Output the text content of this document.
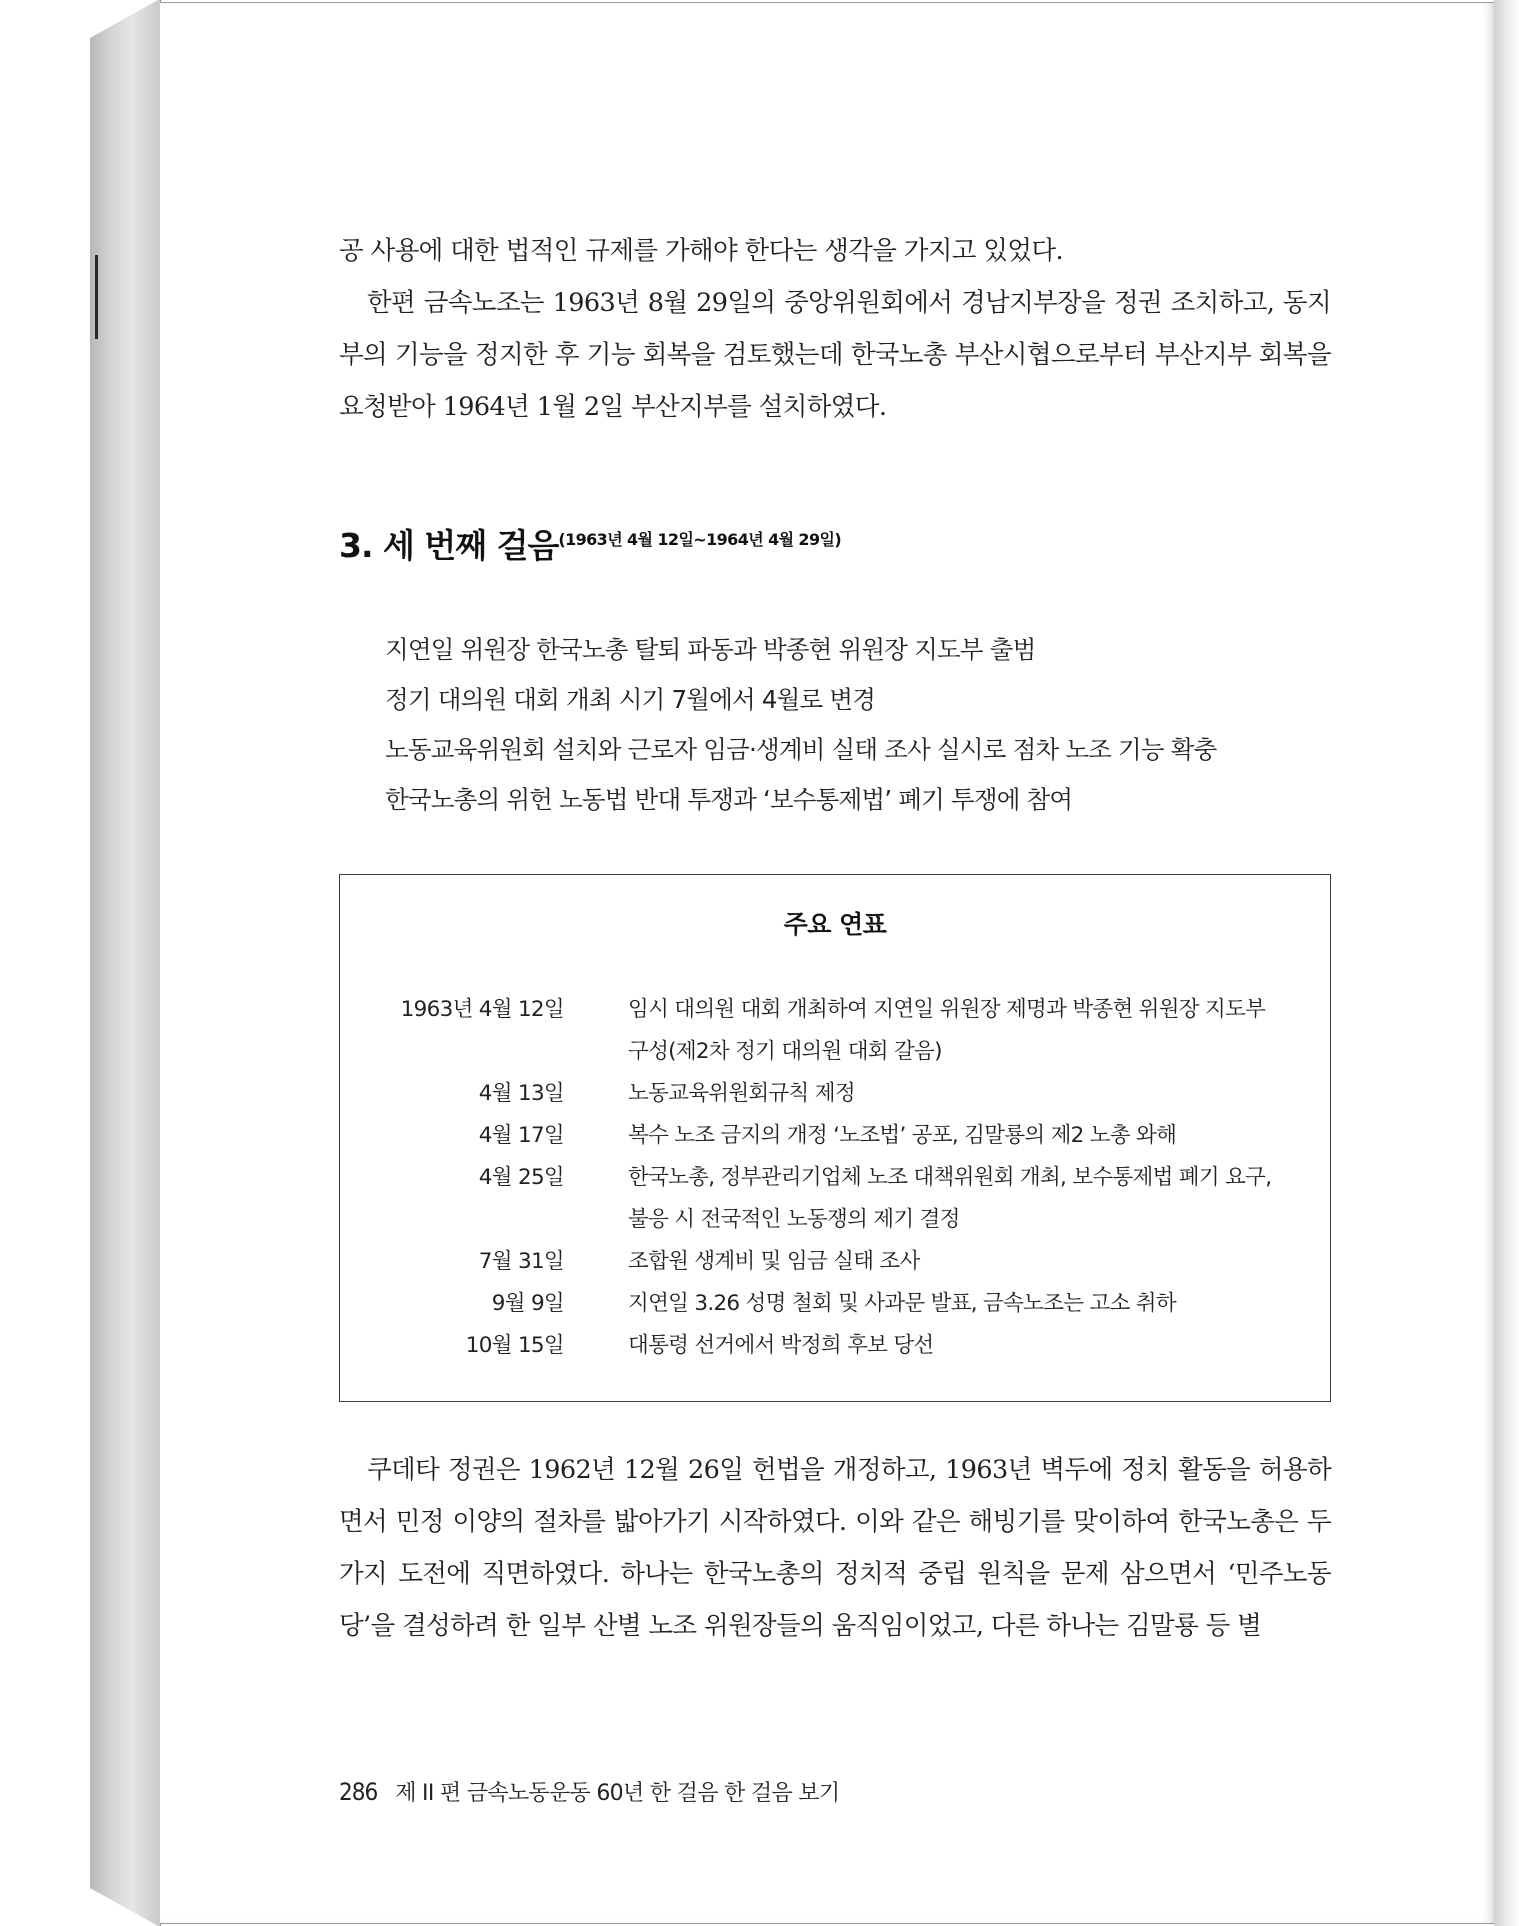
공 사용에 대한 법적인 규제를 가해야 한다는 생각을 가지고 있었다.

한편 금속노조는 1963년 8월 29일의 중앙위원회에서 경남지부장을 정권 조치하고, 동지부의 기능을 정지한 후 기능 회복을 검토했는데 한국노총 부산시협으로부터 부산지부 회복을 요청받아 1964년 1월 2일 부산지부를 설치하였다.

3. 세 번째 걸음$^{(1963년 4월 12일\sim 1964년 4월 29일)}$
지연일 위원장 한국노총 탈퇴 파동과 박종현 위원장 지도부 출범
정기 대의원 대회 개최 시기 7월에서 4월로 변경
노동교육위원회 설치와 근로자 임금·생계비 실태 조사 실시로 점차 노조 기능 확충
한국노총의 위헌 노동법 반대 투쟁과 ‘보수통제법’ 폐기 투쟁에 참여
주요 연표
1963년 4월 12일	임시 대의원 대회 개최하여 지연일 위원장 제명과 박종현 위원장 지도부 구성(제2차 정기 대의원 대회 갈음)
4월 13일	노동교육위원회규칙 제정
4월 17일	복수 노조 금지의 개정 ‘노조법’ 공포, 김말룡의 제2 노총 와해
4월 25일	한국노총, 정부관리기업체 노조 대책위원회 개최, 보수통제법 폐기 요구, 불응 시 전국적인 노동쟁의 제기 결정
7월 31일	조합원 생계비 및 임금 실태 조사
9월 9일	지연일 3.26 성명 철회 및 사과문 발표, 금속노조는 고소 취하
10월 15일	대통령 선거에서 박정희 후보 당선

쿠데타 정권은 1962년 12월 26일 헌법을 개정하고, 1963년 벽두에 정치 활동을 허용하면서 민정 이양의 절차를 밟아가기 시작하였다. 이와 같은 해빙기를 맞이하여 한국노총은 두 가지 도전에 직면하였다. 하나는 한국노총의 정치적 중립 원칙을 문제 삼으면서 ‘민주노동당’을 결성하려 한 일부 산별 노조 위원장들의 움직임이었고, 다른 하나는 김말룡 등 별

286 제 II 편 금속노동운동 60년 한 걸음 한 걸음 보기
